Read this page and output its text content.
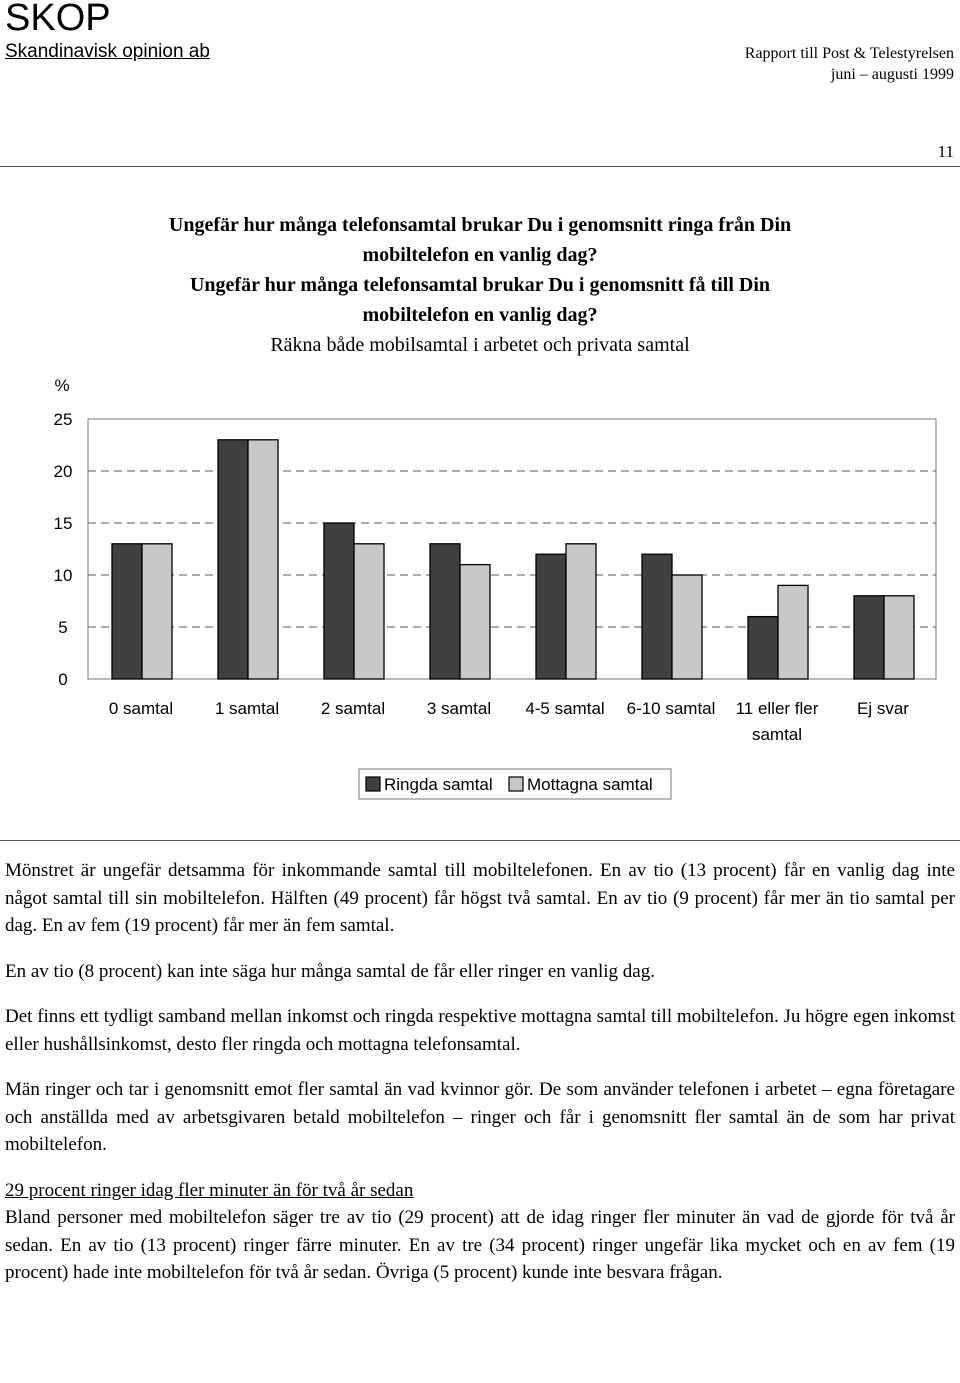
SKOP
Skandinavisk opinion ab	Rapport till Post & Telestyrelsen
juni – augusti 1999
11
Ungefär hur många telefonsamtal brukar Du i genomsnitt ringa från Din
mobiltelefon en vanlig dag?
Ungefär hur många telefonsamtal brukar Du i genomsnitt få till Din
mobiltelefon en vanlig dag?
Räkna både mobilsamtal i arbetet och privata samtal
%
0
5
10
15
20
25
0 samtal 1 samtal 2 samtal 3 samtal 4-5 samtal 6-10 samtal 11 eller fler
samtal
Ej svar
Ringda samtal Mottagna samtal

Mönstret är ungefär detsamma för inkommande samtal till mobiltelefonen. En av tio (13 procent) får en vanlig dag inte något samtal till sin mobiltelefon. Hälften (49 procent) får högst två samtal. En av tio (9 procent) får mer än tio samtal per dag. En av fem (19 procent) får mer än fem samtal.

En av tio (8 procent) kan inte säga hur många samtal de får eller ringer en vanlig dag.

Det finns ett tydligt samband mellan inkomst och ringda respektive mottagna samtal till mobiltelefon. Ju högre egen inkomst eller hushållsinkomst, desto fler ringda och mottagna telefonsamtal.

Män ringer och tar i genomsnitt emot fler samtal än vad kvinnor gör. De som använder telefonen i arbetet – egna företagare och anställda med av arbetsgivaren betald mobiltelefon – ringer och får i genomsnitt fler samtal än de som har privat mobiltelefon.

29 procent ringer idag fler minuter än för två år sedan

Bland personer med mobiltelefon säger tre av tio (29 procent) att de idag ringer fler minuter än vad de gjorde för två år sedan. En av tio (13 procent) ringer färre minuter. En av tre (34 procent) ringer ungefär lika mycket och en av fem (19 procent) hade inte mobiltelefon för två år sedan. Övriga (5 procent) kunde inte besvara frågan.
